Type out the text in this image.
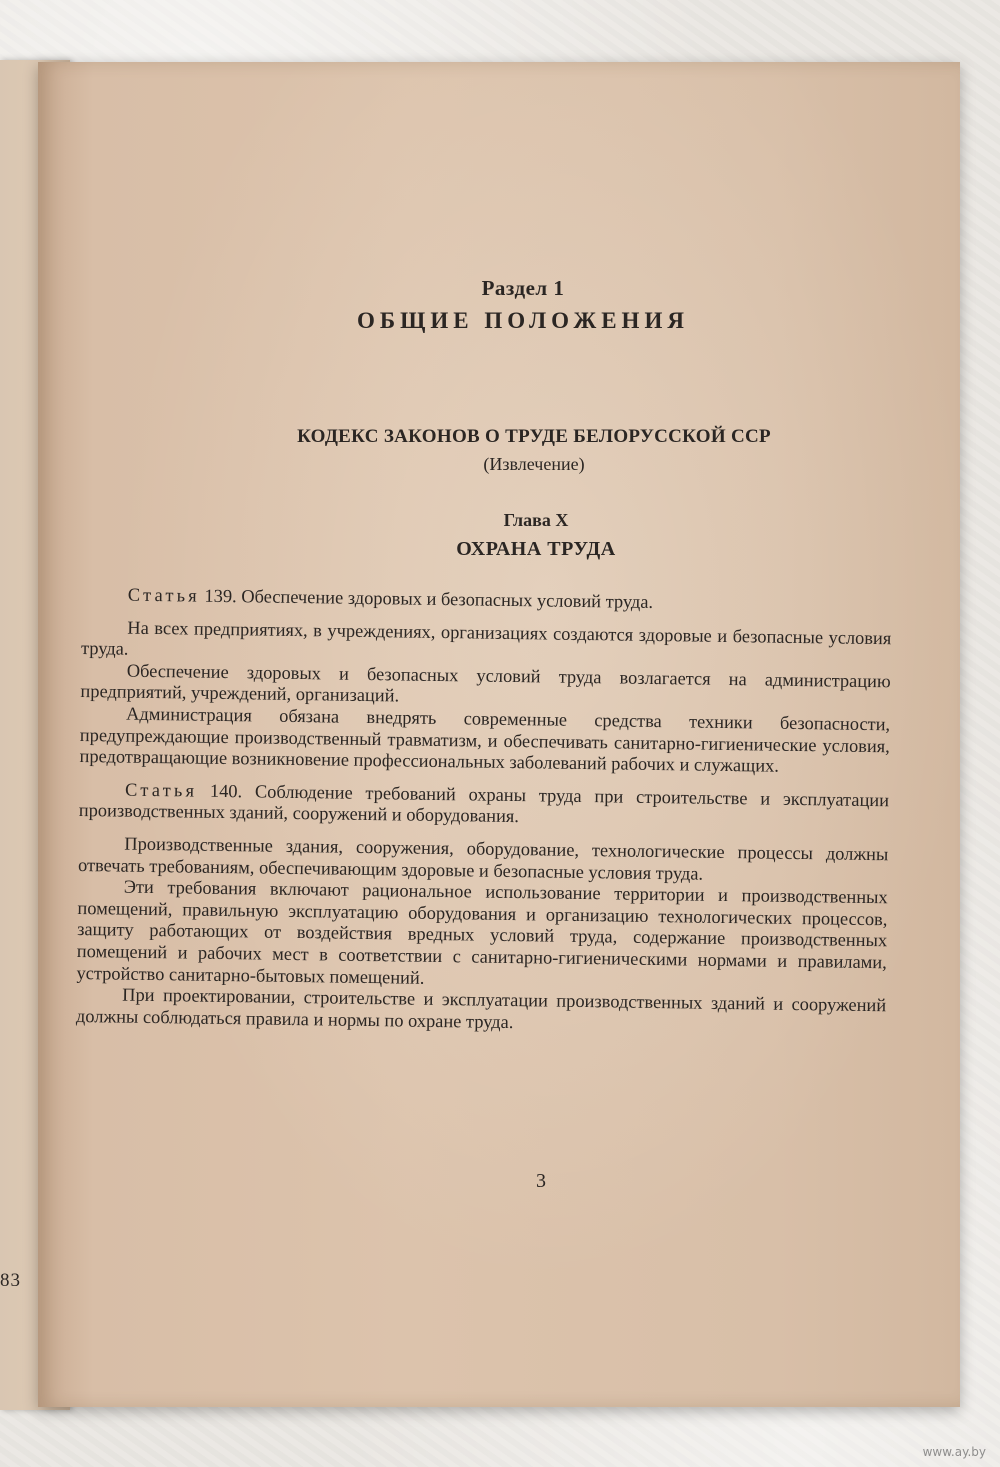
83
Раздел 1
ОБЩИЕ ПОЛОЖЕНИЯ
КОДЕКС ЗАКОНОВ О ТРУДЕ БЕЛОРУССКОЙ ССР
(Извлечение)
Глава X
ОХРАНА ТРУДА

Статья 139. Обеспечение здоровых и безопасных условий труда.

На всех предприятиях, в учреждениях, организациях создаются здоровые и безопасные условия труда.

Обеспечение здоровых и безопасных условий труда возлагается на администрацию предприятий, учреждений, организаций.

Администрация обязана внедрять современные средства техники безопасности, предупреждающие производственный травматизм, и обеспечивать санитарно-гигиенические условия, предотвращающие возникновение профессиональных заболеваний рабочих и служащих.

Статья 140. Соблюдение требований охраны труда при строительстве и эксплуатации производственных зданий, сооружений и оборудования.

Производственные здания, сооружения, оборудование, технологические процессы должны отвечать требованиям, обеспечивающим здоровые и безопасные условия труда.

Эти требования включают рациональное использование территории и производственных помещений, правильную эксплуатацию оборудования и организацию технологических процессов, защиту работающих от воздействия вредных условий труда, содержание производственных помещений и рабочих мест в соответствии с санитарно-гигиеническими нормами и правилами, устройство санитарно-бытовых помещений.

При проектировании, строительстве и эксплуатации производственных зданий и сооружений должны соблюдаться правила и нормы по охране труда.

3
www.ay.by
